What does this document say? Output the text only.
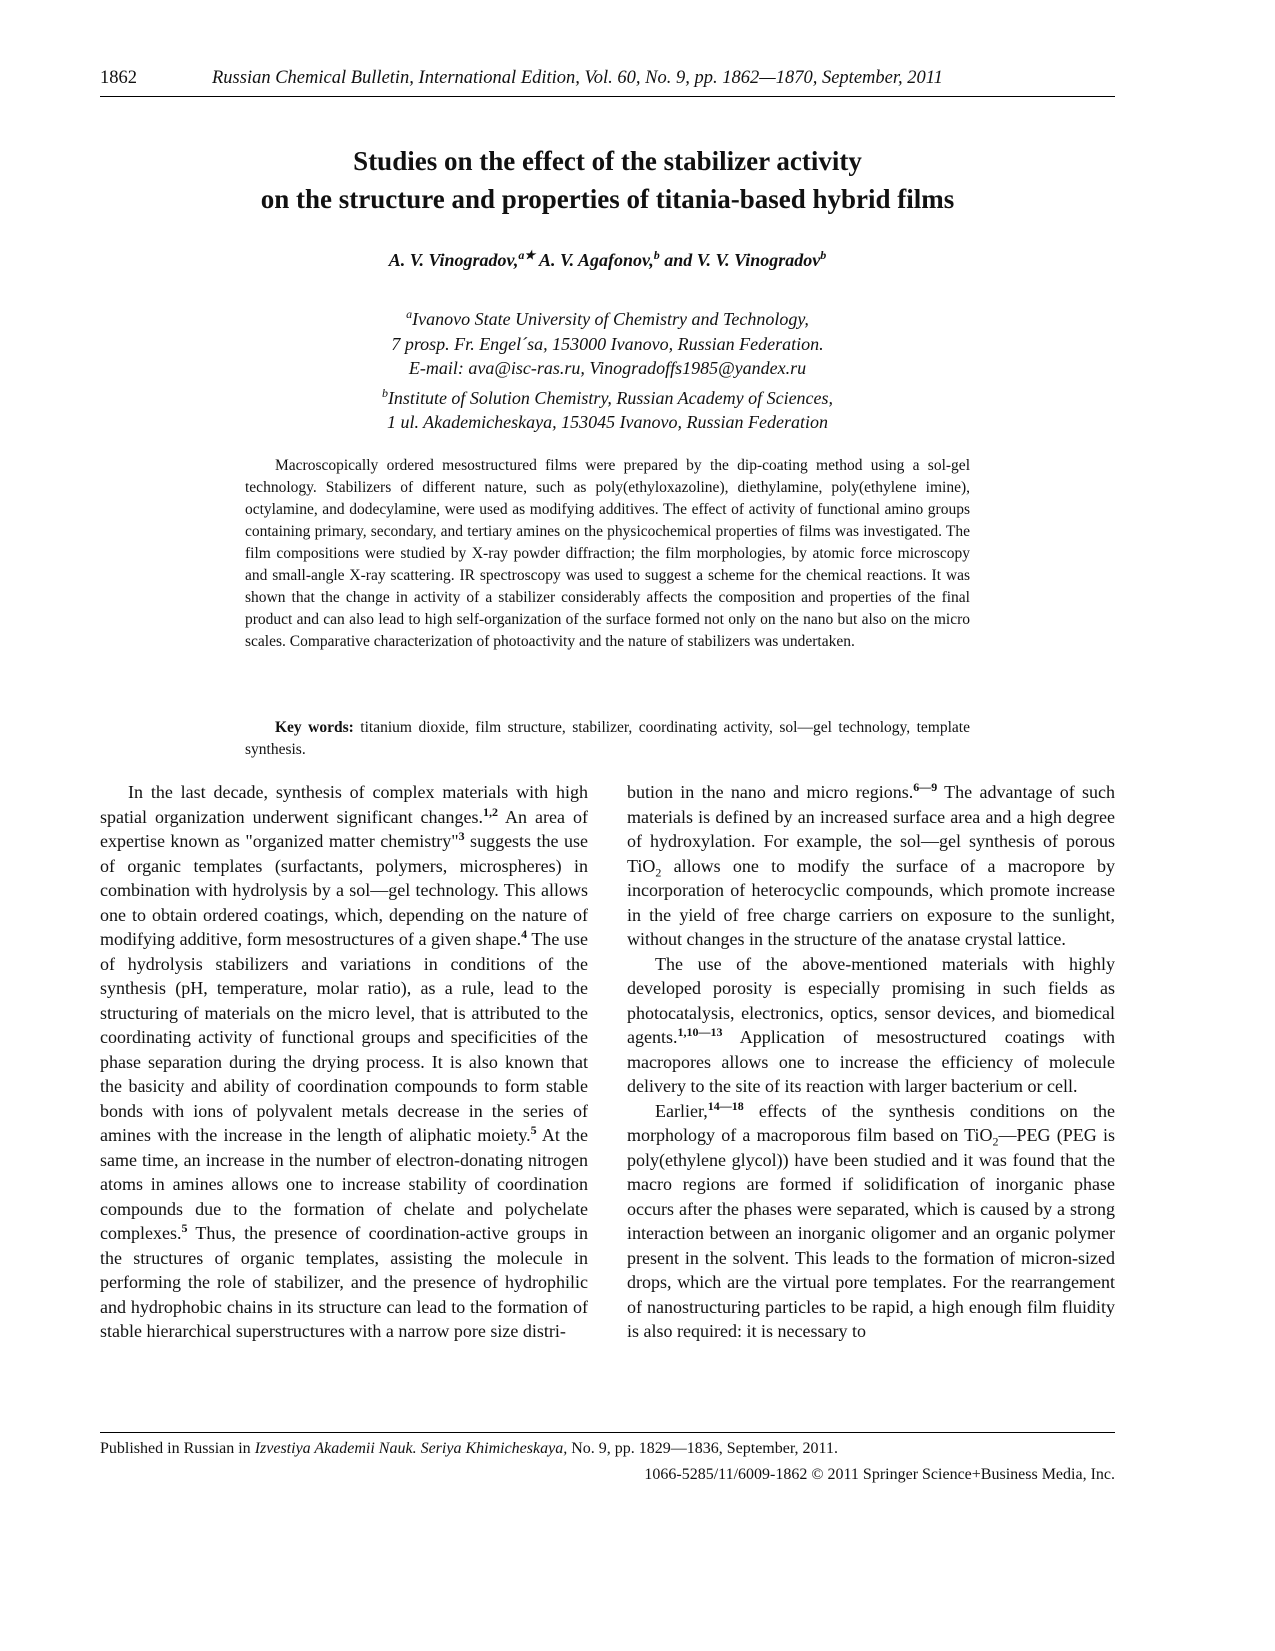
1862	Russian Chemical Bulletin, International Edition, Vol. 60, No. 9, pp. 1862—1870, September, 2011
Studies on the effect of the stabilizer activity
on the structure and properties of titania-based hybrid films
A. V. Vinogradov,$^{a★}$ A. V. Agafonov,$^b$ and V. V. Vinogradov$^b$
$^a$Ivanovo State University of Chemistry and Technology,
7 prosp. Fr. Engel´sa, 153000 Ivanovo, Russian Federation.
E-mail: ava@isc-ras.ru, Vinogradoffs1985@yandex.ru
$^b$Institute of Solution Chemistry, Russian Academy of Sciences,
1 ul. Akademicheskaya, 153045 Ivanovo, Russian Federation
Macroscopically ordered mesostructured films were prepared by the dip-coating method using a sol-gel technology. Stabilizers of different nature, such as poly(ethyloxazoline), diethylamine, poly(ethylene imine), octylamine, and dodecylamine, were used as modifying additives. The effect of activity of functional amino groups containing primary, secondary, and tertiary amines on the physicochemical properties of films was investigated. The film compositions were studied by X-ray powder diffraction; the film morphologies, by atomic force microscopy and small-angle X-ray scattering. IR spectroscopy was used to suggest a scheme for the chemical reactions. It was shown that the change in activity of a stabilizer considerably affects the composition and properties of the final product and can also lead to high self-organization of the surface formed not only on the nano but also on the micro scales. Comparative characterization of photoactivity and the nature of stabilizers was undertaken.
Key words: titanium dioxide, film structure, stabilizer, coordinating activity, sol—gel technology, template synthesis.

In the last decade, synthesis of complex materials with high spatial organization underwent significant changes.$^{1,2}$ An area of expertise known as "organized matter chemistry"$^3$ suggests the use of organic templates (surfactants, polymers, microspheres) in combination with hydrolysis by a sol—gel technology. This allows one to obtain ordered coatings, which, depending on the nature of modifying additive, form mesostructures of a given shape.$^4$ The use of hydrolysis stabilizers and variations in conditions of the synthesis (pH, temperature, molar ratio), as a rule, lead to the structuring of materials on the micro level, that is attributed to the coordinating activity of functional groups and specificities of the phase separation during the drying process. It is also known that the basicity and ability of coordination compounds to form stable bonds with ions of polyvalent metals decrease in the series of amines with the increase in the length of aliphatic moiety.$^5$ At the same time, an increase in the number of electron-donating nitrogen atoms in amines allows one to increase stability of coordination compounds due to the formation of chelate and polychelate complexes.$^5$ Thus, the presence of coordination-active groups in the structures of organic templates, assisting the molecule in performing the role of stabilizer, and the presence of hydrophilic and hydrophobic chains in its structure can lead to the formation of stable hierarchical superstructures with a narrow pore size distri-

bution in the nano and micro regions.$^{6—9}$ The advantage of such materials is defined by an increased surface area and a high degree of hydroxylation. For example, the sol—gel synthesis of porous TiO$_2$ allows one to modify the surface of a macropore by incorporation of heterocyclic compounds, which promote increase in the yield of free charge carriers on exposure to the sunlight, without changes in the structure of the anatase crystal lattice.

The use of the above-mentioned materials with highly developed porosity is especially promising in such fields as photocatalysis, electronics, optics, sensor devices, and biomedical agents.$^{1,10—13}$ Application of mesostructured coatings with macropores allows one to increase the efficiency of molecule delivery to the site of its reaction with larger bacterium or cell.

Earlier,$^{14—18}$ effects of the synthesis conditions on the morphology of a macroporous film based on TiO$_2$—PEG (PEG is poly(ethylene glycol)) have been studied and it was found that the macro regions are formed if solidification of inorganic phase occurs after the phases were separated, which is caused by a strong interaction between an inorganic oligomer and an organic polymer present in the solvent. This leads to the formation of micron-sized drops, which are the virtual pore templates. For the rearrangement of nanostructuring particles to be rapid, a high enough film fluidity is also required: it is necessary to

Published in Russian in Izvestiya Akademii Nauk. Seriya Khimicheskaya, No. 9, pp. 1829—1836, September, 2011.
1066-5285/11/6009-1862 © 2011 Springer Science+Business Media, Inc.
